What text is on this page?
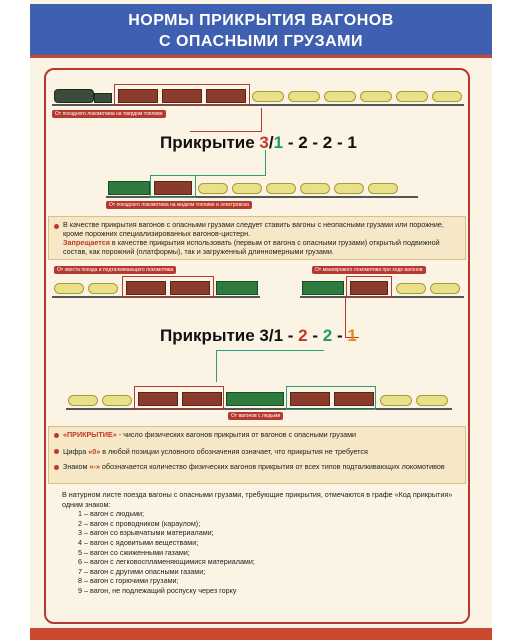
НОРМЫ ПРИКРЫТИЯ ВАГОНОВ
С ОПАСНЫМИ ГРУЗАМИ
От поездного локомотива на твердом топливе
Прикрытие 3/1 - 2 - 2 - 1
От поездного локомотива на жидком топливе и электровоза
В качестве прикрытия вагонов с опасными грузами следует ставить вагоны с неопасными грузами или порожние, кроме порожних специализированных вагонов-цистерн.
Запрещается в качестве прикрытия использовать (первым от вагона с опасными грузами) открытый подвижной состав, как порожний (платформы), так и загруженный длинномерными грузами.
От хвоста поезда и подталкивающего локомотива	От маневрового локомотива при ходе вагонов
Прикрытие 3/1 - 2 - 2 - 1
От вагонов с людьми
«ПРИКРЫТИЕ» - число физических вагонов прикрытия от вагонов с опасными грузами
Цифра «0» в любой позиции условного обозначения означает, что прикрытия не требуется
Знаком «-» обозначается количество физических вагонов прикрытия от всех типов подталкивающих локомотивов

В натурном листе поезда вагоны с опасными грузами, требующие прикрытия, отмечаются в графе «Код прикрытия» одним знаком:

1 – вагон с людьми;

2 – вагон с проводником (караулом);

3 – вагон со взрывчатыми материалами;

4 – вагон с ядовитыми веществами;

5 – вагон со сжиженными газами;

6 – вагон с легковоспламеняющимися материалами;

7 – вагон с другими опасными газами;

8 – вагон с горючими грузами;

9 – вагон, не подлежащий роспуску через горку
